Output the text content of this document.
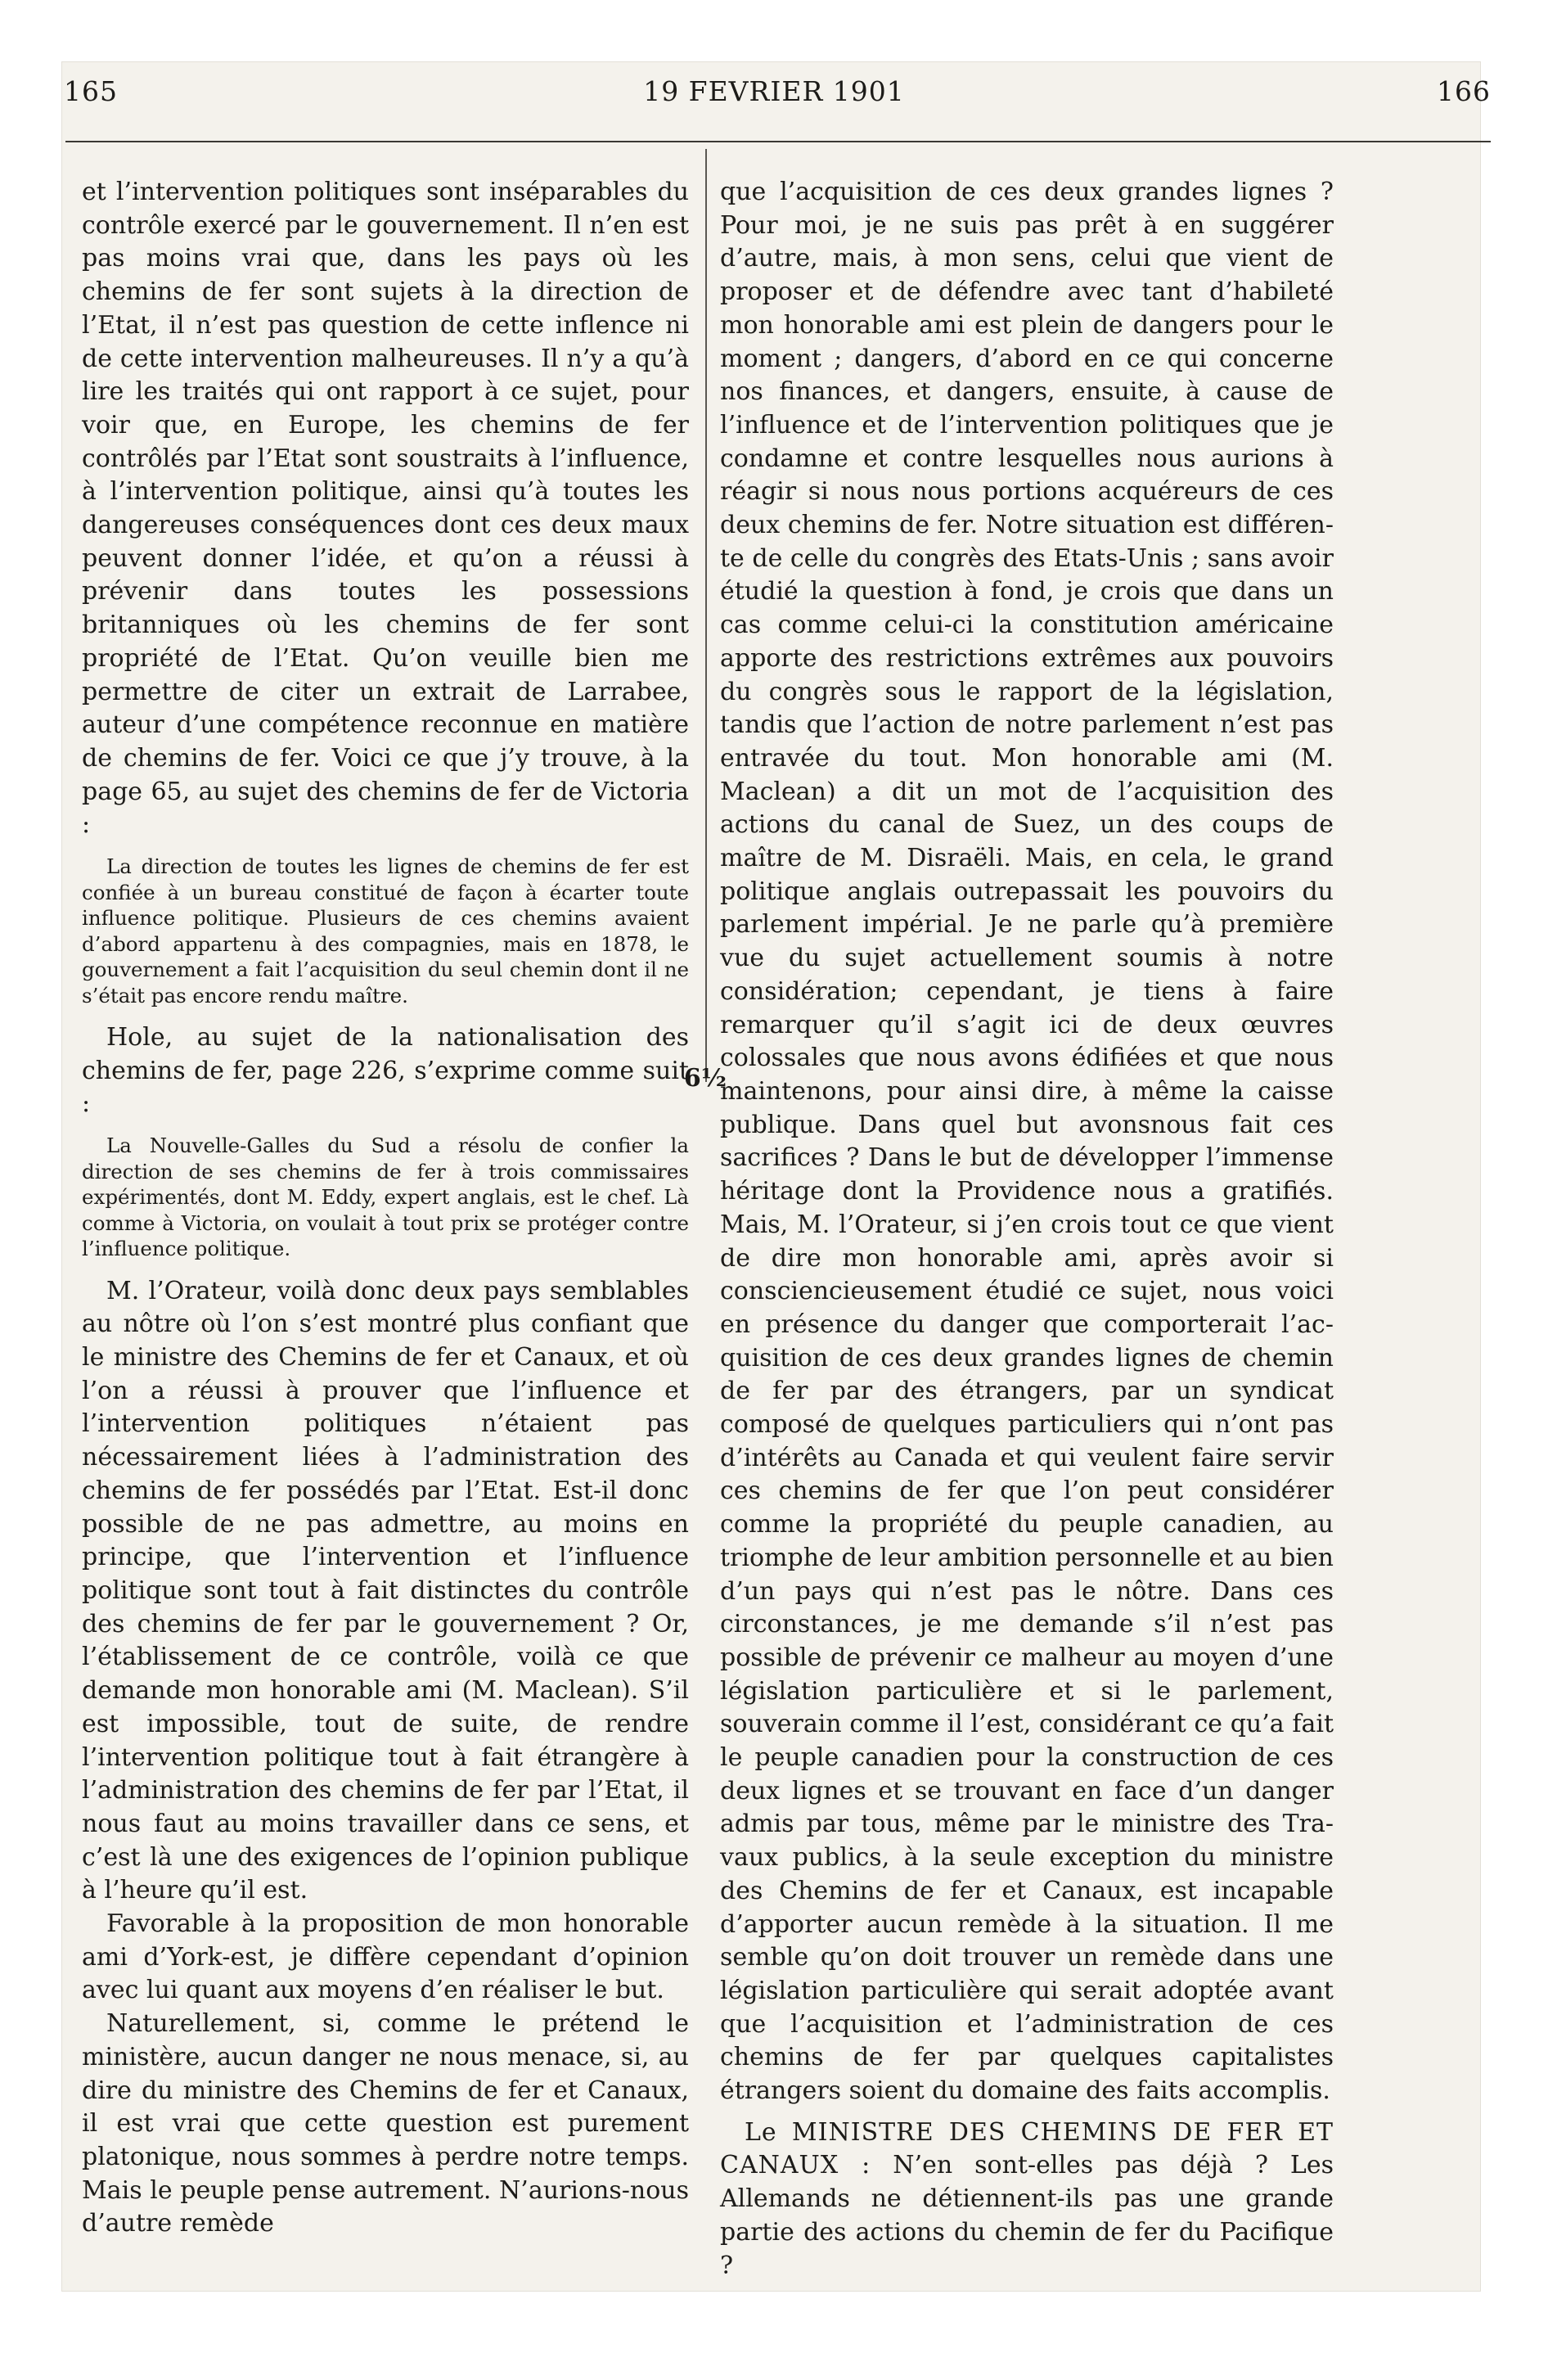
165	19 FEVRIER 1901	166

et l’intervention politiques sont inséparables du contrôle exercé par le gouvernement. Il n’en est pas moins vrai que, dans les pays où les chemins de fer sont sujets à la direction de l’Etat, il n’est pas question de cette inflence ni de cette intervention malheureuses. Il n’y a qu’à lire les traités qui ont rapport à ce sujet, pour voir que, en Europe, les chemins de fer contrôlés par l’Etat sont soustraits à l’influence, à l’intervention politique, ainsi qu’à toutes les dangereuses conséquences dont ces deux maux peuvent donner l’idée, et qu’on a réussi à prévenir dans toutes les possessions britanniques où les chemins de fer sont propriété de l’Etat. Qu’on veuille bien me permettre de citer un extrait de Larrabee, auteur d’une compétence reconnue en matière de chemins de fer. Voici ce que j’y trouve, à la page 65, au sujet des chemins de fer de Victoria :

La direction de toutes les lignes de chemins de fer est confiée à un bureau constitué de façon à écarter toute influence politique. Plusieurs de ces chemins avaient d’abord appartenu à des compagnies, mais en 1878, le gouvernement a fait l’acquisition du seul chemin dont il ne s’était pas encore rendu maître.

Hole, au sujet de la nationalisation des chemins de fer, page 226, s’exprime comme suit :

La Nouvelle-Galles du Sud a résolu de confier la direction de ses chemins de fer à trois commissaires expérimentés, dont M. Eddy, expert anglais, est le chef. Là comme à Victoria, on voulait à tout prix se protéger contre l’influence politique.

M. l’Orateur, voilà donc deux pays semblables au nôtre où l’on s’est montré plus confiant que le ministre des Chemins de fer et Canaux, et où l’on a réussi à prouver que l’influence et l’intervention politiques n’étaient pas nécessairement liées à l’administration des chemins de fer possédés par l’Etat. Est-il donc possible de ne pas admettre, au moins en principe, que l’intervention et l’influence politique sont tout à fait distinctes du contrôle des chemins de fer par le gouvernement ? Or, l’établissement de ce contrôle, voilà ce que demande mon honorable ami (M. Maclean). S’il est impossible, tout de suite, de rendre l’intervention politique tout à fait étrangère à l’administration des chemins de fer par l’Etat, il nous faut au moins travailler dans ce sens, et c’est là une des exigences de l’opinion publique à l’heure qu’il est.

Favorable à la proposition de mon honorable ami d’York-est, je diffère cependant d’opinion avec lui quant aux moyens d’en réaliser le but.

Naturellement, si, comme le prétend le ministère, aucun danger ne nous menace, si, au dire du ministre des Chemins de fer et Canaux, il est vrai que cette question est purement platonique, nous sommes à perdre notre temps. Mais le peuple pense autrement. N’aurions-nous d’autre remède

que l’acquisition de ces deux grandes lignes ? Pour moi, je ne suis pas prêt à en suggérer d’autre, mais, à mon sens, celui que vient de proposer et de défendre avec tant d’habileté mon honorable ami est plein de dangers pour le moment ; dangers, d’abord en ce qui concerne nos finances, et dangers, ensuite, à cause de l’influence et de l’intervention politiques que je condamne et contre lesquelles nous aurions à réagir si nous nous portions acquéreurs de ces deux chemins de fer. Notre situation est différente de celle du congrès des Etats-Unis ; sans avoir étudié la question à fond, je crois que dans un cas comme celui-ci la constitution américaine apporte des restrictions extrêmes aux pouvoirs du congrès sous le rapport de la législation, tandis que l’action de notre parlement n’est pas entravée du tout. Mon honorable ami (M. Maclean) a dit un mot de l’acquisition des actions du canal de Suez, un des coups de maître de M. Disraëli. Mais, en cela, le grand politique anglais outrepassait les pouvoirs du parlement impérial. Je ne parle qu’à première vue du sujet actuellement soumis à notre considération; cependant, je tiens à faire remarquer qu’il s’agit ici de deux œuvres colossales que nous avons édifiées et que nous maintenons, pour ainsi dire, à même la caisse publique. Dans quel but avonsnous fait ces sacrifices ? Dans le but de développer l’immense héritage dont la Providence nous a gratifiés. Mais, M. l’Orateur, si j’en crois tout ce que vient de dire mon honorable ami, après avoir si consciencieusement étudié ce sujet, nous voici en présence du danger que comporterait l’acquisition de ces deux grandes lignes de chemin de fer par des étrangers, par un syndicat composé de quelques particuliers qui n’ont pas d’intérêts au Canada et qui veulent faire servir ces chemins de fer que l’on peut considérer comme la propriété du peuple canadien, au triomphe de leur ambition personnelle et au bien d’un pays qui n’est pas le nôtre. Dans ces circonstances, je me demande s’il n’est pas possible de prévenir ce malheur au moyen d’une législation particulière et si le parlement, souverain comme il l’est, considérant ce qu’a fait le peuple canadien pour la construction de ces deux lignes et se trouvant en face d’un danger admis par tous, même par le ministre des Travaux publics, à la seule exception du ministre des Chemins de fer et Canaux, est incapable d’apporter aucun remède à la situation. Il me semble qu’on doit trouver un remède dans une législation particulière qui serait adoptée avant que l’acquisition et l’administration de ces chemins de fer par quelques capitalistes étrangers soient du domaine des faits accomplis.

Le MINISTRE DES CHEMINS DE FER ET CANAUX : N’en sont-elles pas déjà ? Les Allemands ne détiennent-ils pas une grande partie des actions du chemin de fer du Pacifique ?

6½
